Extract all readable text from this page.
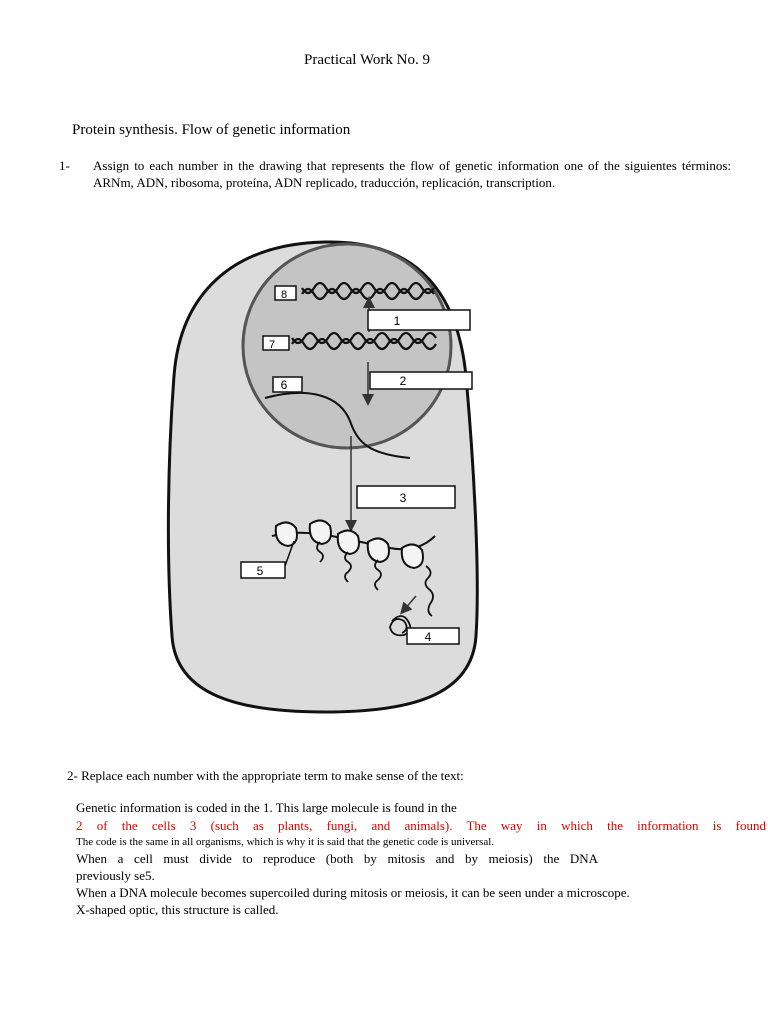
Practical Work No. 9
Protein synthesis. Flow of genetic information
1- Assign to each number in the drawing that represents the flow of genetic information one of the siguientes términos: ARNm, ADN, ribosoma, proteína, ADN replicado, traducción, replicación, transcription.
8
1
7
2
6
3
5
4
2- Replace each number with the appropriate term to make sense of the text:
Genetic information is coded in the 1. This large molecule is found in the
2 of the cells 3 (such as plants, fungi, and animals). The way in which the information is found
The code is the same in all organisms, which is why it is said that the genetic code is universal.
When a cell must divide to reproduce (both by mitosis and by meiosis) the DNA
previously se5.
When a DNA molecule becomes supercoiled during mitosis or meiosis, it can be seen under a microscope.
X-shaped optic, this structure is called.
